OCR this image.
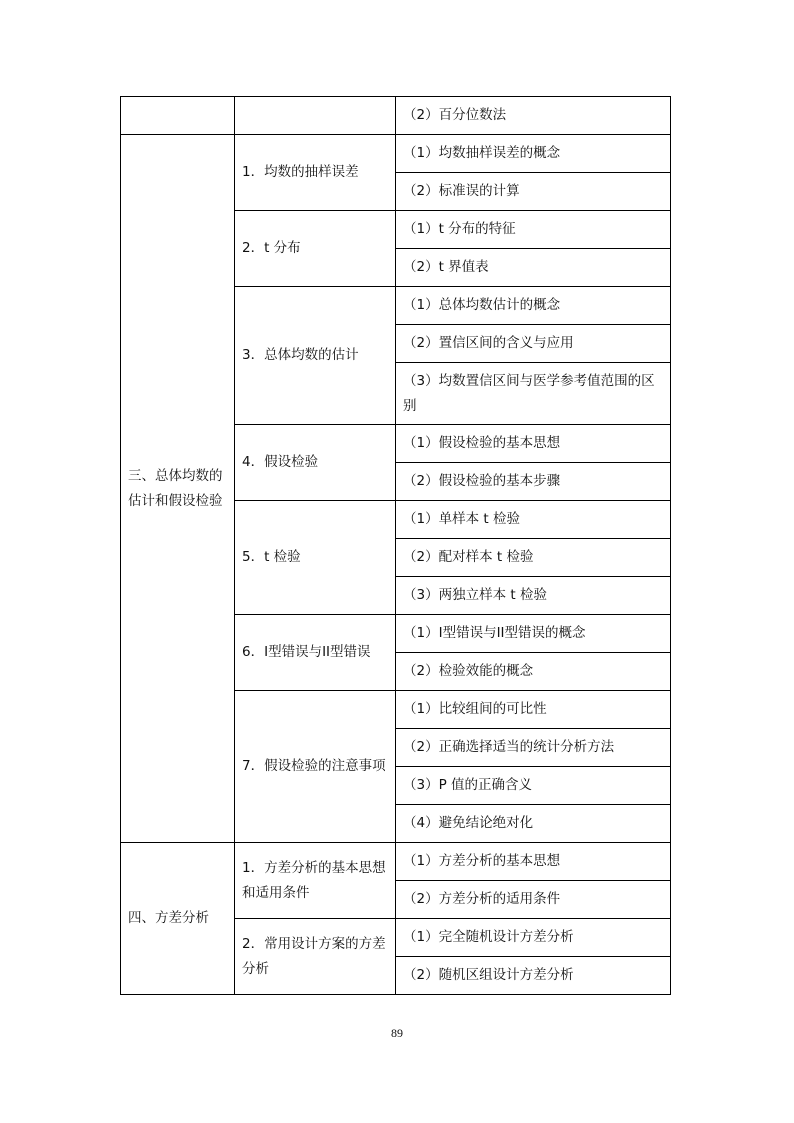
		（2）百分位数法
三、总体均数的估计和假设检验	1．均数的抽样误差	（1）均数抽样误差的概念
		（2）标准误的计算
	2．t 分布	（1）t 分布的特征
		（2）t 界值表
	3．总体均数的估计	（1）总体均数估计的概念
		（2）置信区间的含义与应用
		（3）均数置信区间与医学参考值范围的区别
	4．假设检验	（1）假设检验的基本思想
		（2）假设检验的基本步骤
	5．t 检验	（1）单样本 t 检验
		（2）配对样本 t 检验
		（3）两独立样本 t 检验
	6．I型错误与II型错误	（1）I型错误与II型错误的概念
		（2）检验效能的概念
	7．假设检验的注意事项	（1）比较组间的可比性
		（2）正确选择适当的统计分析方法
		（3）P 值的正确含义
		（4）避免结论绝对化
四、方差分析	1．方差分析的基本思想和适用条件	（1）方差分析的基本思想
		（2）方差分析的适用条件
	2．常用设计方案的方差分析	（1）完全随机设计方差分析
		（2）随机区组设计方差分析
89
